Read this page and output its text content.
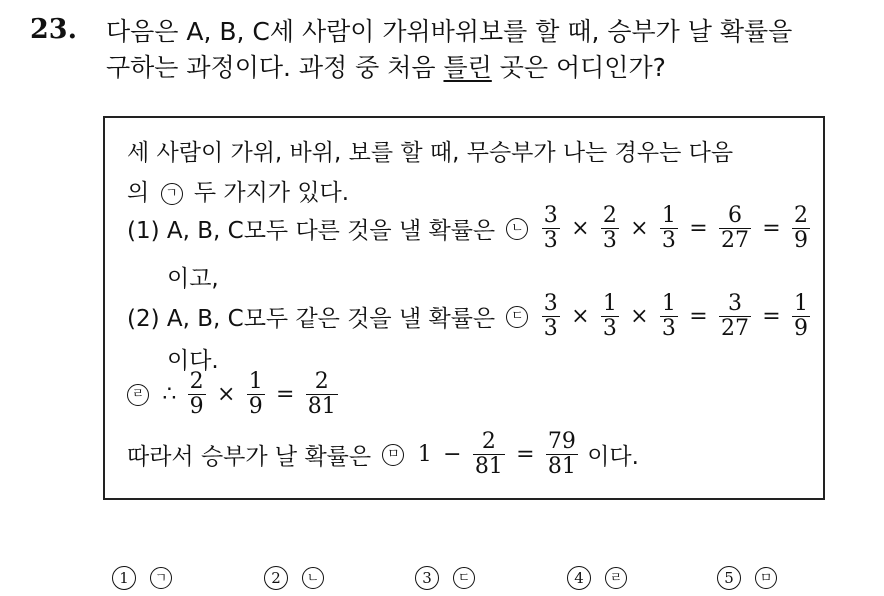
23. 다음은 A, B, C세 사람이 가위바위보를 할 때, 승부가 날 확률을
구하는 과정이다. 과정 중 처음 틀린 곳은 어디인가?
세 사람이 가위, 바위, 보를 할 때, 무승부가 나는 경우는 다음
의 ㄱ 두 가지가 있다.
(1) A, B, C모두 다른 것을 낼 확률은 ㄴ $\frac{3}{3} \times \frac{2}{3} \times \frac{1}{3} = \frac{6}{27} = \frac{2}{9}$
이고,
(2) A, B, C모두 같은 것을 낼 확률은 ㄷ $\frac{3}{3} \times \frac{1}{3} \times \frac{1}{3} = \frac{3}{27} = \frac{1}{9}$
이다.
ㄹ ∴ $\frac{2}{9} \times \frac{1}{9} = \frac{2}{81}$
따라서 승부가 날 확률은 ㅁ $1 - \frac{2}{81} = \frac{79}{81}$ 이다.
1	ㄱ	2	ㄴ	3	ㄷ	4	ㄹ	5	ㅁ
